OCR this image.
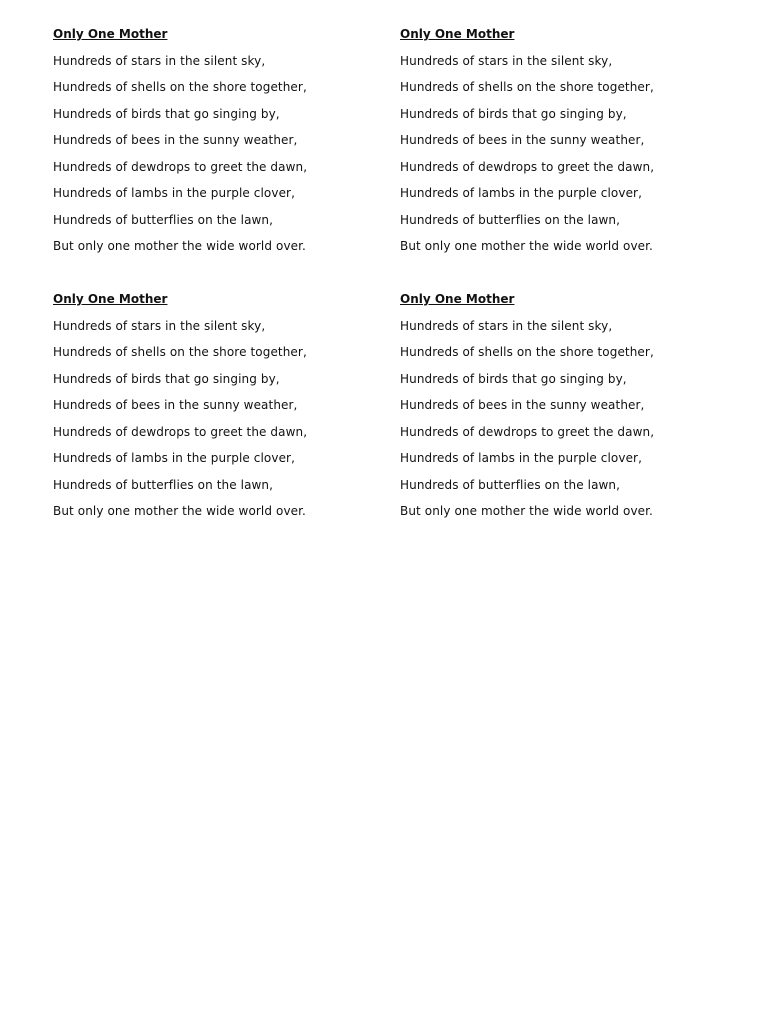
Only One Mother
Hundreds of stars in the silent sky,
Hundreds of shells on the shore together,
Hundreds of birds that go singing by,
Hundreds of bees in the sunny weather,
Hundreds of dewdrops to greet the dawn,
Hundreds of lambs in the purple clover,
Hundreds of butterflies on the lawn,
But only one mother the wide world over.
Only One Mother
Hundreds of stars in the silent sky,
Hundreds of shells on the shore together,
Hundreds of birds that go singing by,
Hundreds of bees in the sunny weather,
Hundreds of dewdrops to greet the dawn,
Hundreds of lambs in the purple clover,
Hundreds of butterflies on the lawn,
But only one mother the wide world over.
Only One Mother
Hundreds of stars in the silent sky,
Hundreds of shells on the shore together,
Hundreds of birds that go singing by,
Hundreds of bees in the sunny weather,
Hundreds of dewdrops to greet the dawn,
Hundreds of lambs in the purple clover,
Hundreds of butterflies on the lawn,
But only one mother the wide world over.
Only One Mother
Hundreds of stars in the silent sky,
Hundreds of shells on the shore together,
Hundreds of birds that go singing by,
Hundreds of bees in the sunny weather,
Hundreds of dewdrops to greet the dawn,
Hundreds of lambs in the purple clover,
Hundreds of butterflies on the lawn,
But only one mother the wide world over.
